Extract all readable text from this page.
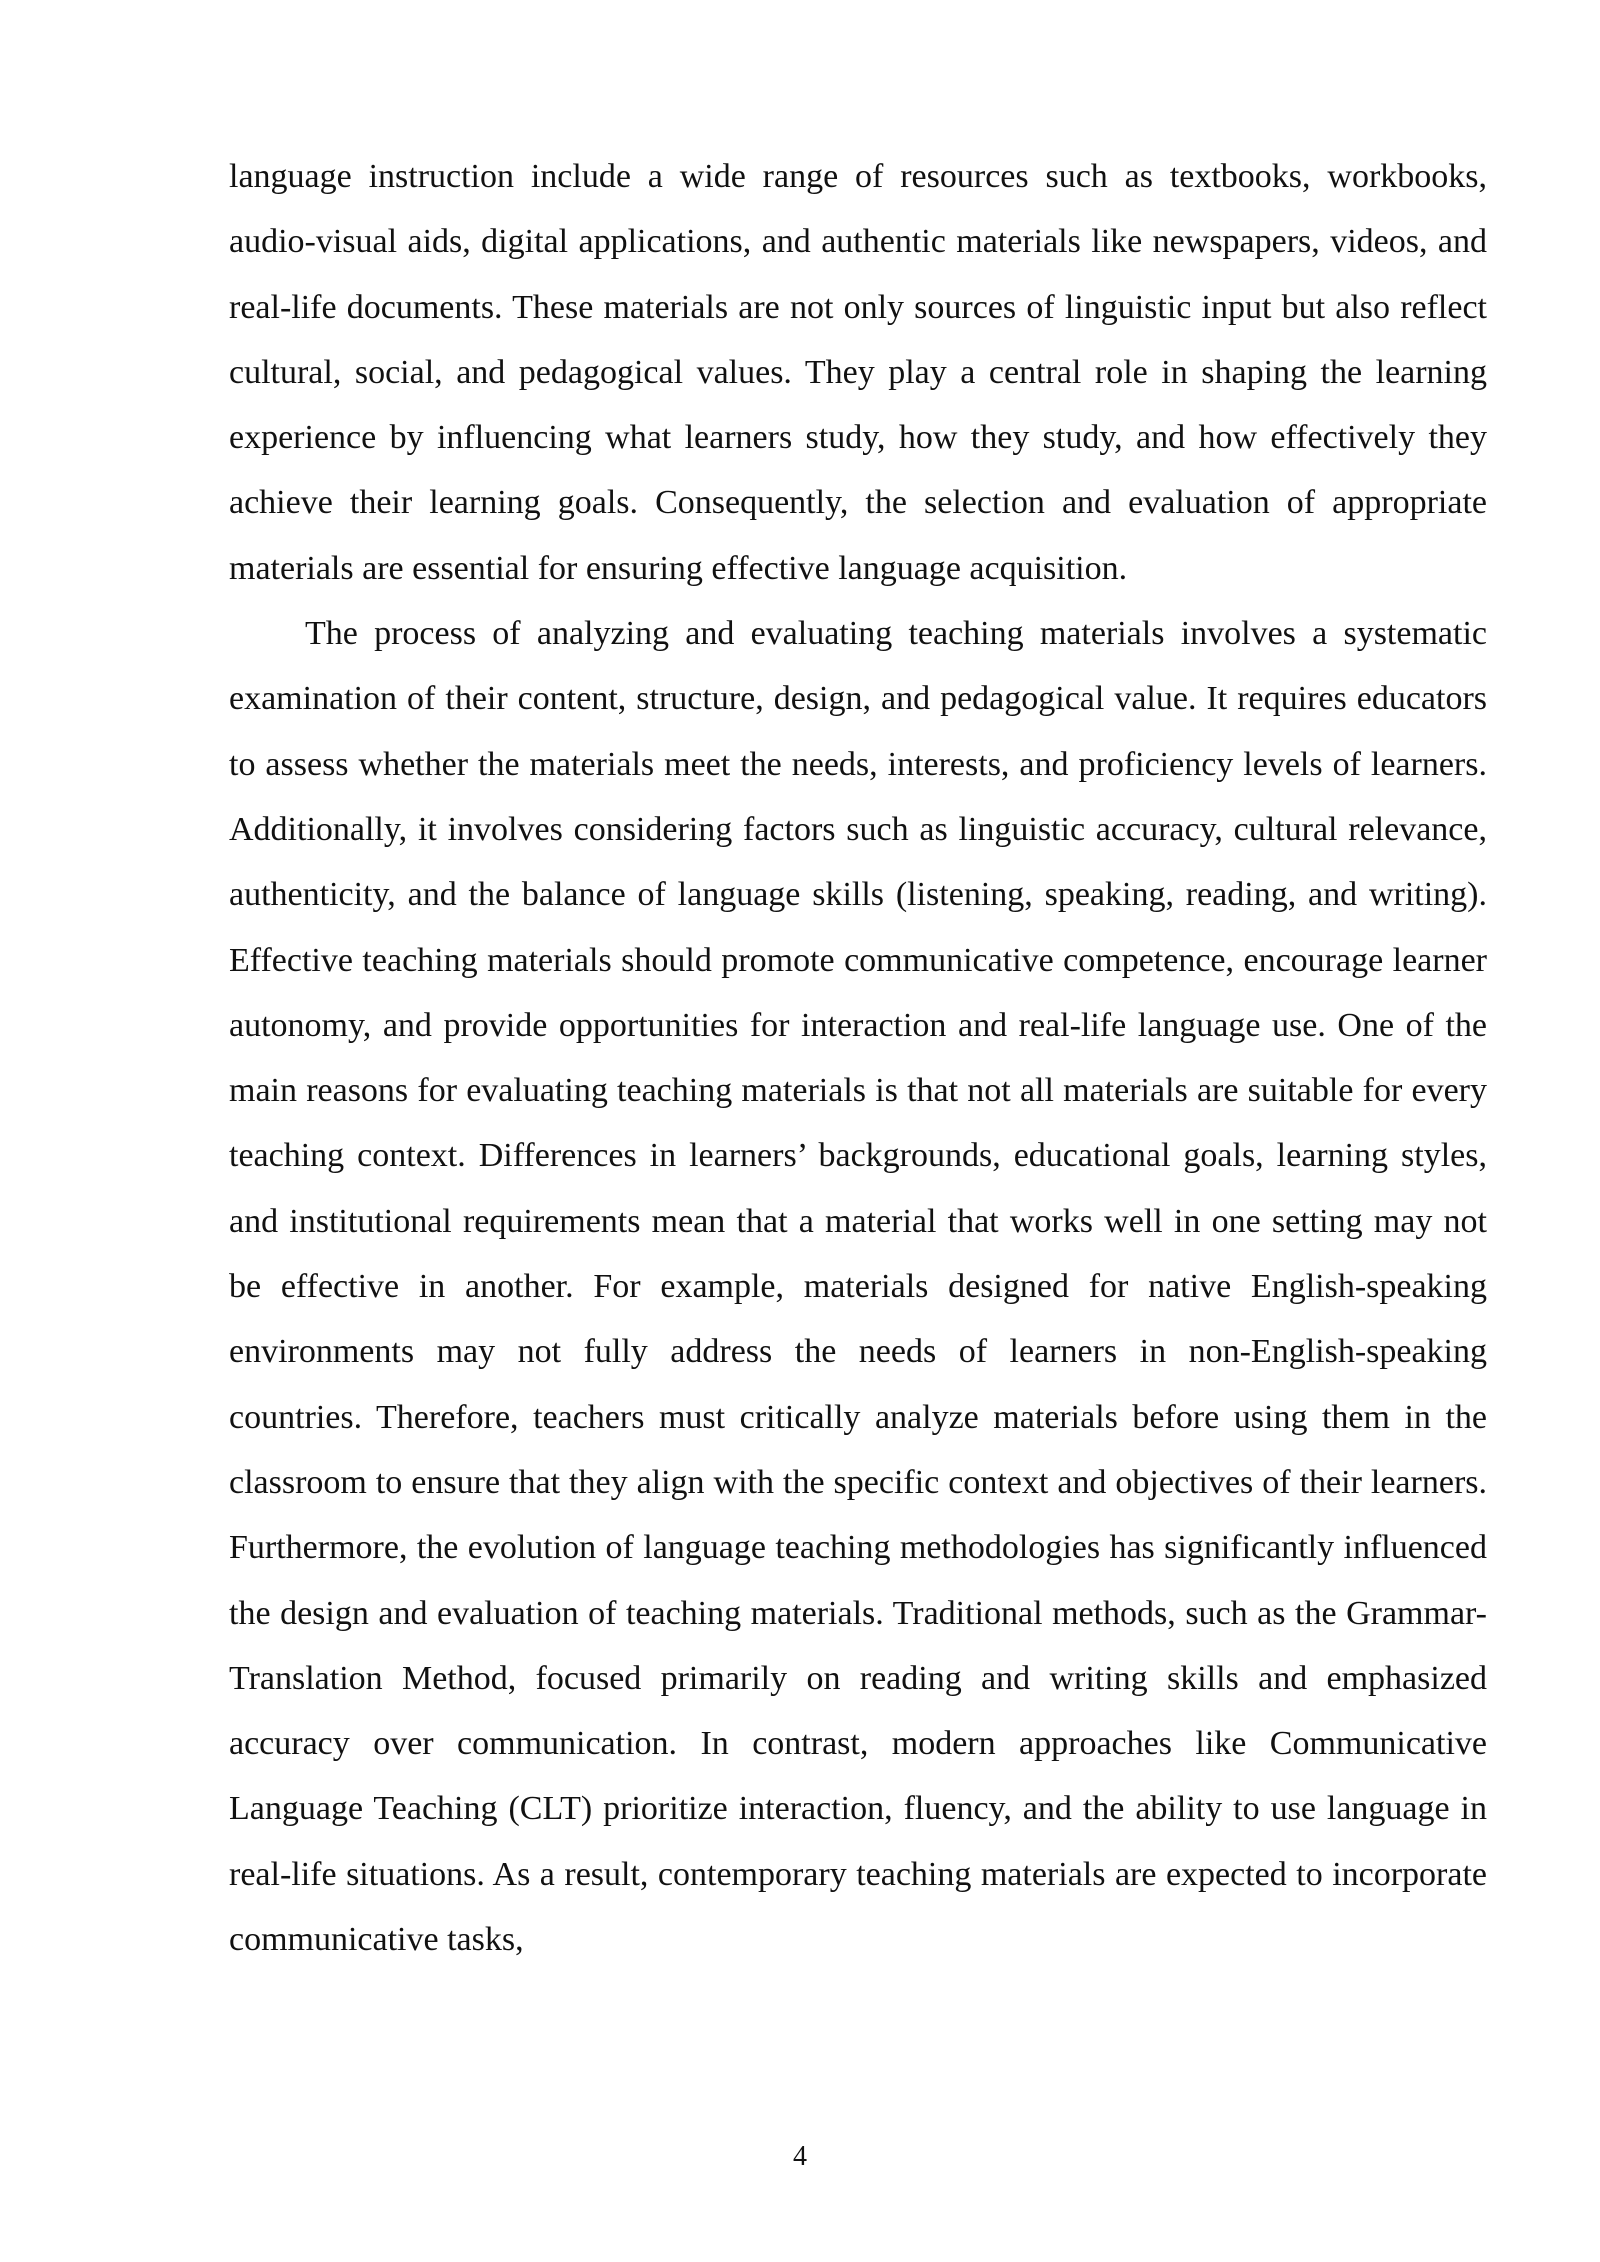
language instruction include a wide range of resources such as textbooks, workbooks, audio-visual aids, digital applications, and authentic materials like newspapers, videos, and real-life documents. These materials are not only sources of linguistic input but also reflect cultural, social, and pedagogical values. They play a central role in shaping the learning experience by influencing what learners study, how they study, and how effectively they achieve their learning goals. Consequently, the selection and evaluation of appropriate materials are essential for ensuring effective language acquisition.

The process of analyzing and evaluating teaching materials involves a systematic examination of their content, structure, design, and pedagogical value. It requires educators to assess whether the materials meet the needs, interests, and proficiency levels of learners. Additionally, it involves considering factors such as linguistic accuracy, cultural relevance, authenticity, and the balance of language skills (listening, speaking, reading, and writing). Effective teaching materials should promote communicative competence, encourage learner autonomy, and provide opportunities for interaction and real-life language use. One of the main reasons for evaluating teaching materials is that not all materials are suitable for every teaching context. Differences in learners’ backgrounds, educational goals, learning styles, and institutional requirements mean that a material that works well in one setting may not be effective in another. For example, materials designed for native English-speaking environments may not fully address the needs of learners in non-English-speaking countries. Therefore, teachers must critically analyze materials before using them in the classroom to ensure that they align with the specific context and objectives of their learners. Furthermore, the evolution of language teaching methodologies has significantly influenced the design and evaluation of teaching materials. Traditional methods, such as the Grammar-Translation Method, focused primarily on reading and writing skills and emphasized accuracy over communication. In contrast, modern approaches like Communicative Language Teaching (CLT) prioritize interaction, fluency, and the ability to use language in real-life situations. As a result, contemporary teaching materials are expected to incorporate communicative tasks,

4
